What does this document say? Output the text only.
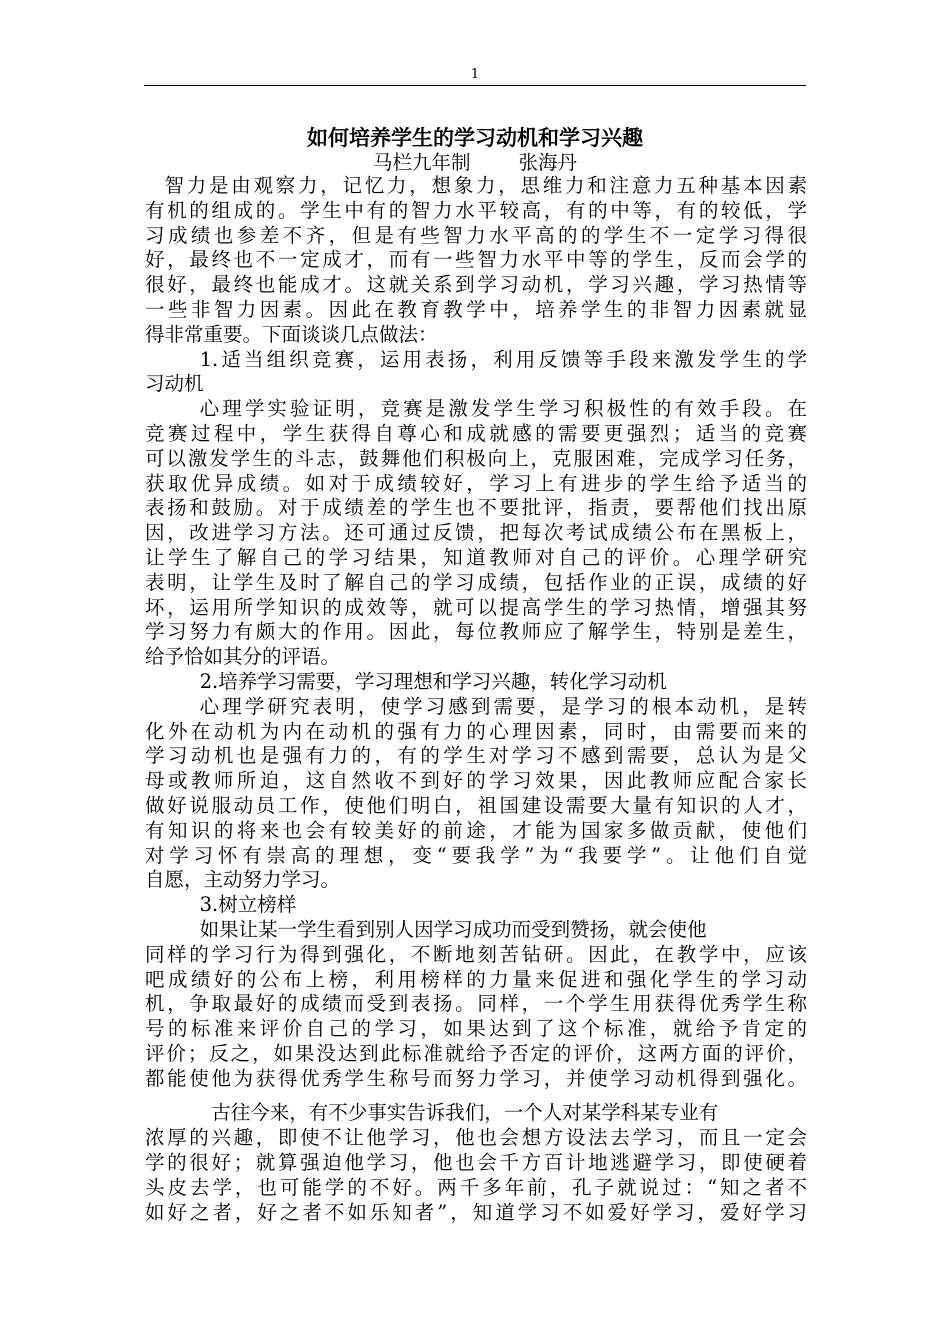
1
如何培养学生的学习动机和学习兴趣
马栏九年制 张海丹
智力是由观察力，记忆力，想象力，思维力和注意力五种基本因素
有机的组成的。学生中有的智力水平较高，有的中等，有的较低，学
习成绩也参差不齐，但是有些智力水平高的的学生不一定学习得很
好，最终也不一定成才，而有一些智力水平中等的学生，反而会学的
很好，最终也能成才。这就关系到学习动机，学习兴趣，学习热情等
一些非智力因素。因此在教育教学中，培养学生的非智力因素就显
得非常重要。下面谈谈几点做法：
1.适当组织竞赛，运用表扬，利用反馈等手段来激发学生的学
习动机
心理学实验证明，竞赛是激发学生学习积极性的有效手段。在
竞赛过程中，学生获得自尊心和成就感的需要更强烈；适当的竞赛
可以激发学生的斗志，鼓舞他们积极向上，克服困难，完成学习任务，
获取优异成绩。如对于成绩较好，学习上有进步的学生给予适当的
表扬和鼓励。对于成绩差的学生也不要批评，指责，要帮他们找出原
因，改进学习方法。还可通过反馈，把每次考试成绩公布在黑板上，
让学生了解自己的学习结果，知道教师对自己的评价。心理学研究
表明，让学生及时了解自己的学习成绩，包括作业的正误，成绩的好
坏，运用所学知识的成效等，就可以提高学生的学习热情，增强其努
学习努力有颇大的作用。因此，每位教师应了解学生，特别是差生，
给予恰如其分的评语。
2.培养学习需要，学习理想和学习兴趣，转化学习动机
心理学研究表明，使学习感到需要，是学习的根本动机，是转
化外在动机为内在动机的强有力的心理因素，同时，由需要而来的
学习动机也是强有力的，有的学生对学习不感到需要，总认为是父
母或教师所迫，这自然收不到好的学习效果，因此教师应配合家长
做好说服动员工作，使他们明白，祖国建设需要大量有知识的人才，
有知识的将来也会有较美好的前途，才能为国家多做贡献，使他们
对学习怀有崇高的理想，变“要我学”为“我要学”。让他们自觉
自愿，主动努力学习。
3.树立榜样
如果让某一学生看到别人因学习成功而受到赞扬，就会使他
同样的学习行为得到强化，不断地刻苦钻研。因此，在教学中，应该
吧成绩好的公布上榜，利用榜样的力量来促进和强化学生的学习动
机，争取最好的成绩而受到表扬。同样，一个学生用获得优秀学生称
号的标准来评价自己的学习，如果达到了这个标准，就给予肯定的
评价；反之，如果没达到此标准就给予否定的评价，这两方面的评价，
都能使他为获得优秀学生称号而努力学习，并使学习动机得到强化。
古往今来，有不少事实告诉我们，一个人对某学科某专业有
浓厚的兴趣，即使不让他学习，他也会想方设法去学习，而且一定会
学的很好；就算强迫他学习，他也会千方百计地逃避学习，即使硬着
头皮去学，也可能学的不好。两千多年前，孔子就说过：“知之者不
如好之者，好之者不如乐知者”，知道学习不如爱好学习，爱好学习
